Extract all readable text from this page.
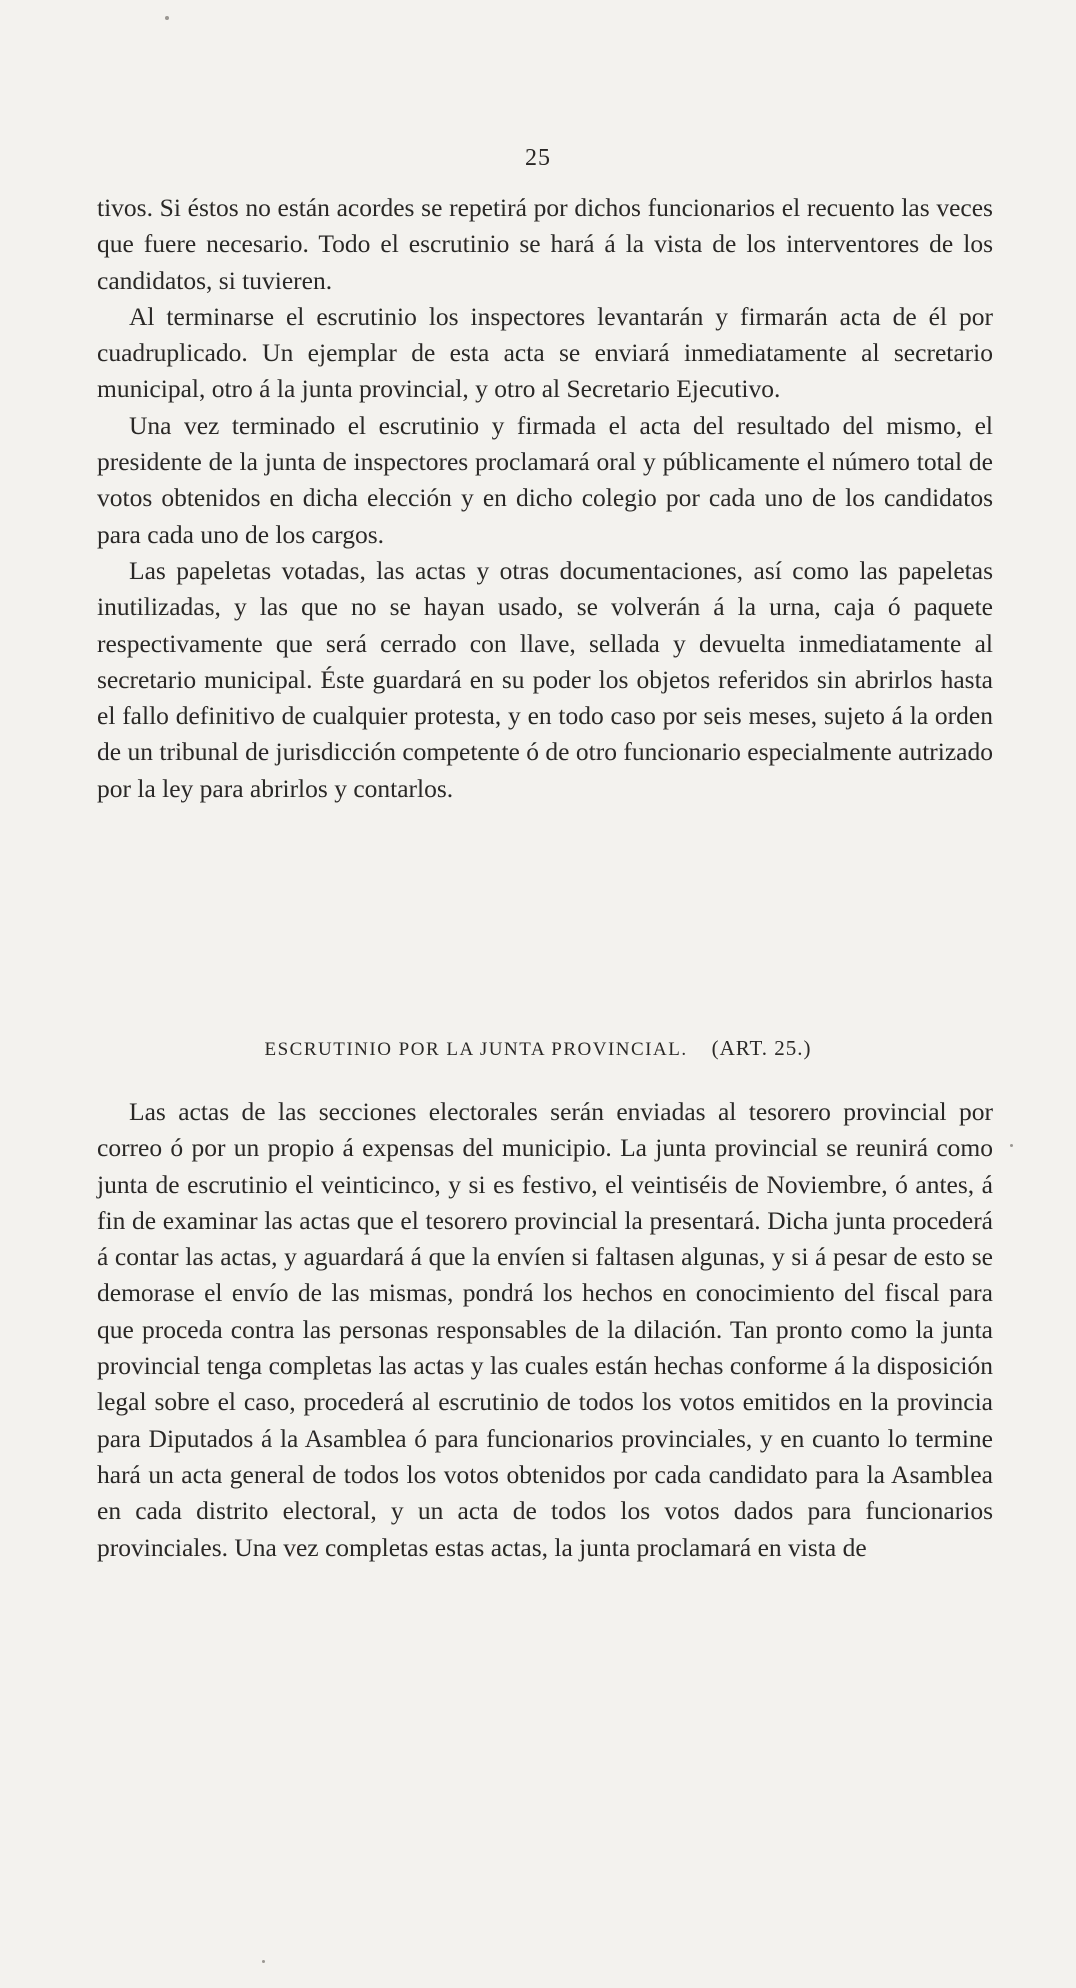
25

tivos. Si éstos no están acordes se repetirá por dichos funcionarios el recuento las veces que fuere necesario. Todo el escrutinio se hará á la vista de los interventores de los candidatos, si tuvieren.

Al terminarse el escrutinio los inspectores levantarán y firmarán acta de él por cuadruplicado. Un ejemplar de esta acta se enviará inmediatamente al secretario municipal, otro á la junta provincial, y otro al Secretario Ejecutivo.

Una vez terminado el escrutinio y firmada el acta del resultado del mismo, el presidente de la junta de inspectores proclamará oral y públicamente el número total de votos obtenidos en dicha elección y en dicho colegio por cada uno de los candidatos para cada uno de los cargos.

Las papeletas votadas, las actas y otras documentaciones, así como las papeletas inutilizadas, y las que no se hayan usado, se volverán á la urna, caja ó paquete respectivamente que será cerrado con llave, sellada y devuelta inmediatamente al secretario municipal. Éste guardará en su poder los objetos referidos sin abrirlos hasta el fallo definitivo de cualquier protesta, y en todo caso por seis meses, sujeto á la orden de un tribunal de jurisdicción competente ó de otro funcionario especialmente autrizado por la ley para abrirlos y contarlos.

ESCRUTINIO POR LA JUNTA PROVINCIAL. (ART. 25.)

Las actas de las secciones electorales serán enviadas al tesorero provincial por correo ó por un propio á expensas del municipio. La junta provincial se reunirá como junta de escrutinio el veinticinco, y si es festivo, el veintiséis de Noviembre, ó antes, á fin de examinar las actas que el tesorero provincial la presentará. Dicha junta procederá á contar las actas, y aguardará á que la envíen si faltasen algunas, y si á pesar de esto se demorase el envío de las mismas, pondrá los hechos en conocimiento del fiscal para que proceda contra las personas responsables de la dilación. Tan pronto como la junta provincial tenga completas las actas y las cuales están hechas conforme á la disposición legal sobre el caso, procederá al escrutinio de todos los votos emitidos en la provincia para Diputados á la Asamblea ó para funcionarios provinciales, y en cuanto lo termine hará un acta general de todos los votos obtenidos por cada candidato para la Asamblea en cada distrito electoral, y un acta de todos los votos dados para funcionarios provinciales. Una vez completas estas actas, la junta proclamará en vista de
